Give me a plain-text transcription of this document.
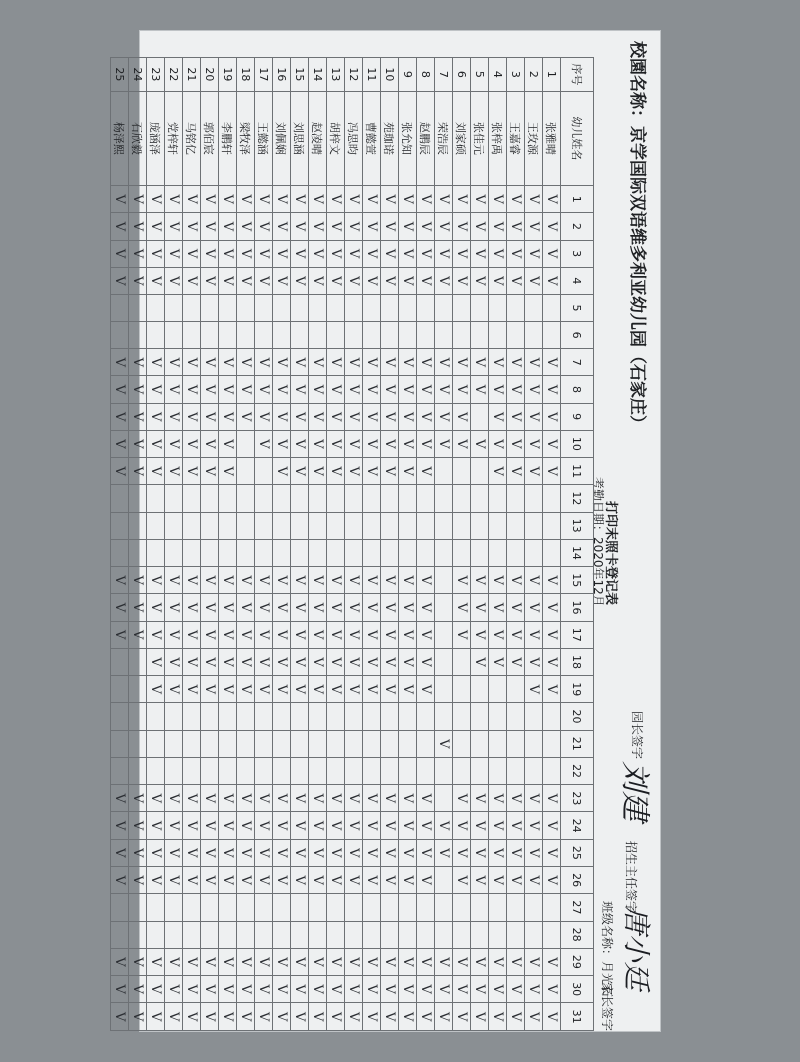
校園名称：京学国际双语维多利亚幼儿园（石家庄）
打印末照卡登记表
考勤日期：2020年12月
园长签字
刘建
招生主任签字
唐小廷
班级名称：月光石
家长签字
序号	幼儿姓名	1	2	3	4	5	6	7	8	9	10	11	12	13	14	15	16	17	18	19	20	21	22	23	24	25	26	27	28	29	30	31
1	张雅晴	V	V	V	V			V	V	V	V	V				V	V	V	V	V				V	V	V	V			V	V	V
2	王玫源	V	V	V	V			V	V	V	V	V				V	V	V	V	V				V	V	V	V			V	V	V
3	王嘉睿	V	V	V	V			V	V	V	V	V				V	V	V	V					V	V	V	V			V	V	V
4	张梓禹	V	V	V	V			V	V	V	V	V				V	V	V	V					V	V	V	V			V	V	V
5	张佳元	V	V	V	V			V	V		V					V	V	V	V					V	V	V	V			V	V	V
6	刘家硕	V	V	V	V			V	V	V	V					V	V	V						V	V	V	V			V	V	V
7	荣浩辰	V	V	V	V			V	V	V	V											V			V	V				V	V	V
8	赵鹏辰	V	V	V	V			V	V	V	V	V				V	V	V	V	V				V	V	V	V			V	V	V
9	张允知	V	V	V	V			V	V	V	V	V				V	V	V	V	V				V	V	V	V			V	V	V
10	苑珈诺	V	V	V	V			V	V	V	V	V				V	V	V	V	V				V	V	V	V			V	V	V
11	曹懿萱	V	V	V	V			V	V	V	V	V				V	V	V	V	V				V	V	V	V			V	V	V
12	冯思昀	V	V	V	V			V	V	V	V	V				V	V	V	V	V				V	V	V	V			V	V	V
13	胡梓文	V	V	V	V			V	V	V	V	V				V	V	V	V	V				V	V	V	V			V	V	V
14	赵凌晴	V	V	V	V			V	V	V	V	V				V	V	V	V	V				V	V	V	V			V	V	V
15	刘思涵	V	V	V	V			V	V	V	V	V				V	V	V	V	V				V	V	V	V			V	V	V
16	刘佩娴	V	V	V	V			V	V	V	V	V				V	V	V	V	V				V	V	V	V			V	V	V
17	王懿涵	V	V	V	V			V	V	V	V					V	V	V	V	V				V	V	V	V			V	V	V
18	梁牧泽	V	V	V	V			V	V	V						V	V	V	V	V				V	V	V	V			V	V	V
19	李鹏轩	V	V	V	V			V	V	V	V	V				V	V	V	V	V				V	V	V	V			V	V	V
20	郭佰宸	V	V	V	V			V	V	V	V	V				V	V	V	V	V				V	V	V	V			V	V	V
21	马铭亿	V	V	V	V			V	V	V	V	V				V	V	V	V	V				V	V	V	V			V	V	V
22	党梓轩	V	V	V	V			V	V	V	V	V				V	V	V	V	V				V	V	V	V			V	V	V
23	庞涵泽	V	V	V	V			V	V	V	V	V				V	V	V	V	V				V	V	V	V			V	V	V
24	石欣毅	V	V	V	V			V	V	V	V	V				V	V	V						V	V	V	V			V	V	V
25	杨泽熙	V	V	V	V			V	V	V	V	V				V	V	V						V	V	V	V			V	V	V
